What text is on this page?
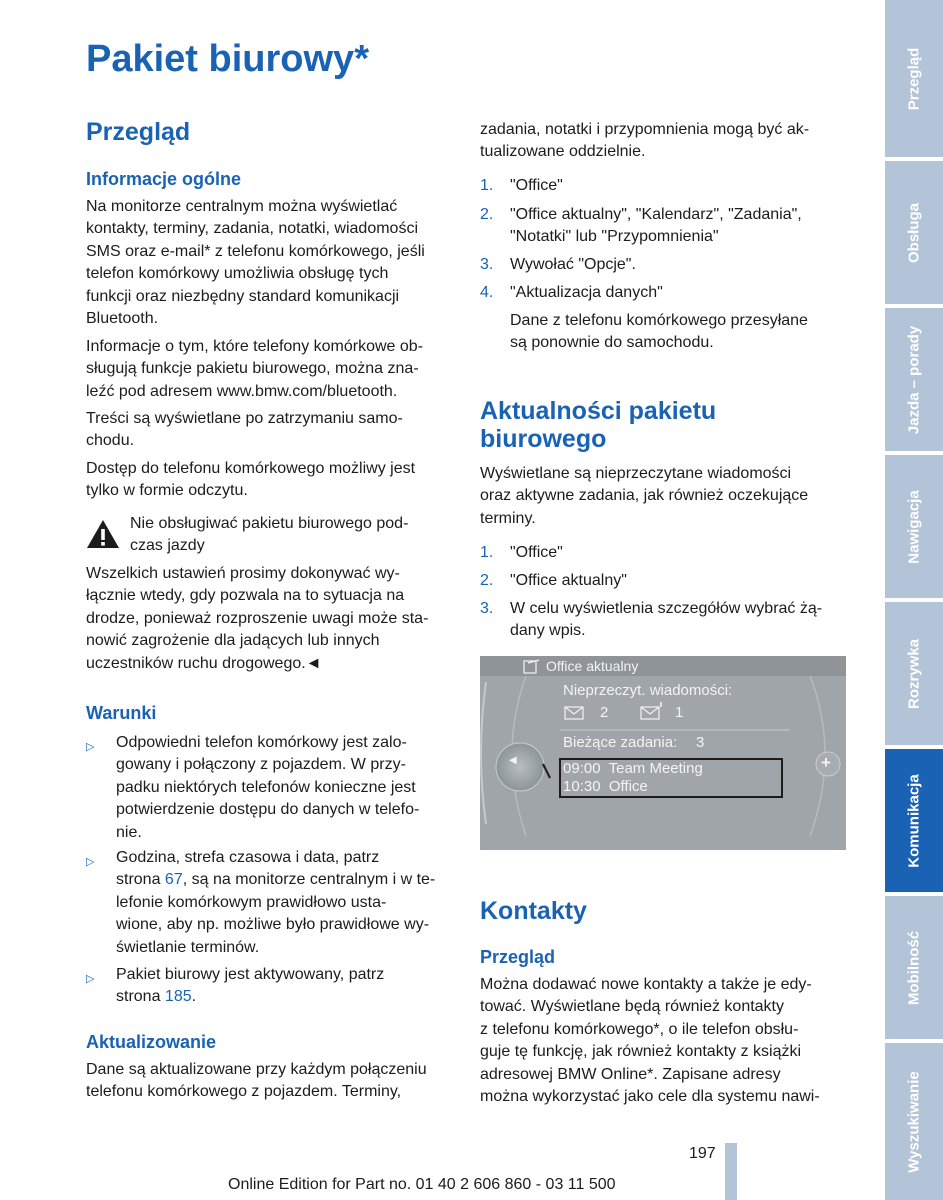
Pakiet biurowy*
Przegląd
Informacje ogólne
Na monitorze centralnym można wyświetlać
kontakty, terminy, zadania, notatki, wiadomości
SMS oraz e-mail* z telefonu komórkowego, jeśli
telefon komórkowy umożliwia obsługę tych
funkcji oraz niezbędny standard komunikacji
Bluetooth.
Informacje o tym, które telefony komórkowe ob-
sługują funkcje pakietu biurowego, można zna-
leźć pod adresem www.bmw.com/bluetooth.
Treści są wyświetlane po zatrzymaniu samo-
chodu.
Dostęp do telefonu komórkowego możliwy jest
tylko w formie odczytu.
Nie obsługiwać pakietu biurowego pod-
czas jazdy
Wszelkich ustawień prosimy dokonywać wy-
łącznie wtedy, gdy pozwala na to sytuacja na
drodze, ponieważ rozproszenie uwagi może sta-
nowić zagrożenie dla jadących lub innych
uczestników ruchu drogowego.◄
Warunki
▷ Odpowiedni telefon komórkowy jest zalo-
gowany i połączony z pojazdem. W przy-
padku niektórych telefonów konieczne jest
potwierdzenie dostępu do danych w telefo-
nie.
▷ Godzina, strefa czasowa i data, patrz
strona 67, są na monitorze centralnym i w te-
lefonie komórkowym prawidłowo usta-
wione, aby np. możliwe było prawidłowe wy-
świetlanie terminów.
▷ Pakiet biurowy jest aktywowany, patrz
strona 185.
Aktualizowanie
Dane są aktualizowane przy każdym połączeniu
telefonu komórkowego z pojazdem. Terminy,
zadania, notatki i przypomnienia mogą być ak-
tualizowane oddzielnie.
1. "Office"
2. "Office aktualny", "Kalendarz", "Zadania",
"Notatki" lub "Przypomnienia"
3. Wywołać "Opcje".
4. "Aktualizacja danych"
Dane z telefonu komórkowego przesyłane
są ponownie do samochodu.
Aktualności pakietu
biurowego
Wyświetlane są nieprzeczytane wiadomości
oraz aktywne zadania, jak również oczekujące
terminy.
1. "Office"
2. "Office aktualny"
3. W celu wyświetlenia szczegółów wybrać żą-
dany wpis.
Office aktualny
Nieprzeczyt. wiadomości:
2	1
Bieżące zadania: 3
09:00  Team Meeting
10:30  Office
◀	+
Kontakty
Przegląd
Można dodawać nowe kontakty a także je edy-
tować. Wyświetlane będą również kontakty
z telefonu komórkowego*, o ile telefon obsłu-
guje tę funkcję, jak również kontakty z książki
adresowej BMW Online*. Zapisane adresy
można wykorzystać jako cele dla systemu nawi-
Przegląd
Obsługa
Jazda – porady
Nawigacja
Rozrywka
Komunikacja
Mobilność
Wyszukiwanie
197
Online Edition for Part no. 01 40 2 606 860 - 03 11 500
